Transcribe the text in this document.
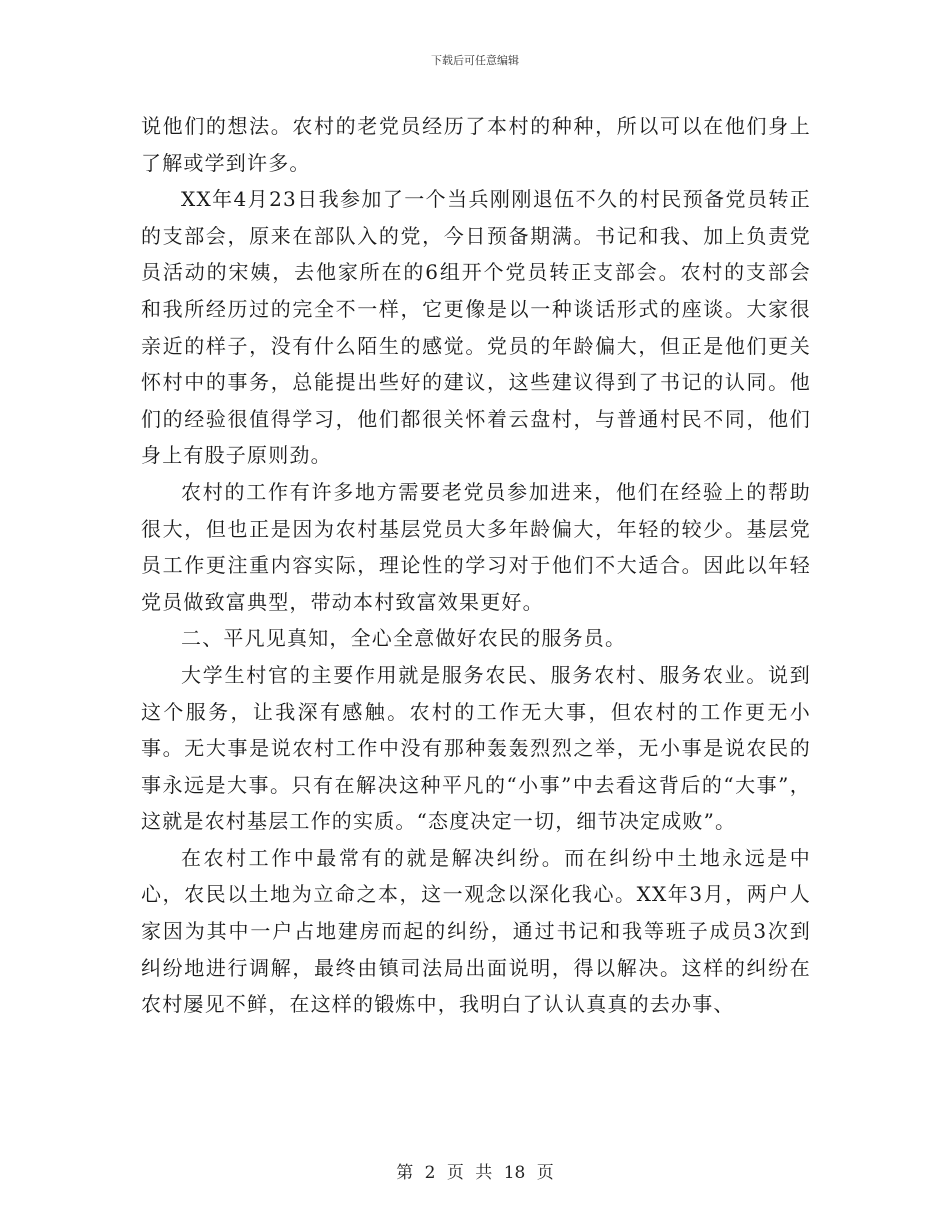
下载后可任意编辑

说他们的想法。农村的老党员经历了本村的种种，所以可以在他们身上了解或学到许多。

XX年4月23日我参加了一个当兵刚刚退伍不久的村民预备党员转正的支部会，原来在部队入的党，今日预备期满。书记和我、加上负责党员活动的宋姨，去他家所在的6组开个党员转正支部会。农村的支部会和我所经历过的完全不一样，它更像是以一种谈话形式的座谈。大家很亲近的样子，没有什么陌生的感觉。党员的年龄偏大，但正是他们更关怀村中的事务，总能提出些好的建议，这些建议得到了书记的认同。他们的经验很值得学习，他们都很关怀着云盘村，与普通村民不同，他们身上有股子原则劲。

农村的工作有许多地方需要老党员参加进来，他们在经验上的帮助很大，但也正是因为农村基层党员大多年龄偏大，年轻的较少。基层党员工作更注重内容实际，理论性的学习对于他们不大适合。因此以年轻党员做致富典型，带动本村致富效果更好。

二、平凡见真知，全心全意做好农民的服务员。

大学生村官的主要作用就是服务农民、服务农村、服务农业。说到这个服务，让我深有感触。农村的工作无大事，但农村的工作更无小事。无大事是说农村工作中没有那种轰轰烈烈之举，无小事是说农民的事永远是大事。只有在解决这种平凡的“小事”中去看这背后的“大事”，这就是农村基层工作的实质。“态度决定一切，细节决定成败”。

在农村工作中最常有的就是解决纠纷。而在纠纷中土地永远是中心，农民以土地为立命之本，这一观念以深化我心。XX年3月，两户人家因为其中一户占地建房而起的纠纷，通过书记和我等班子成员3次到纠纷地进行调解，最终由镇司法局出面说明，得以解决。这样的纠纷在农村屡见不鲜，在这样的锻炼中，我明白了认认真真的去办事、

第 2 页 共 18 页
